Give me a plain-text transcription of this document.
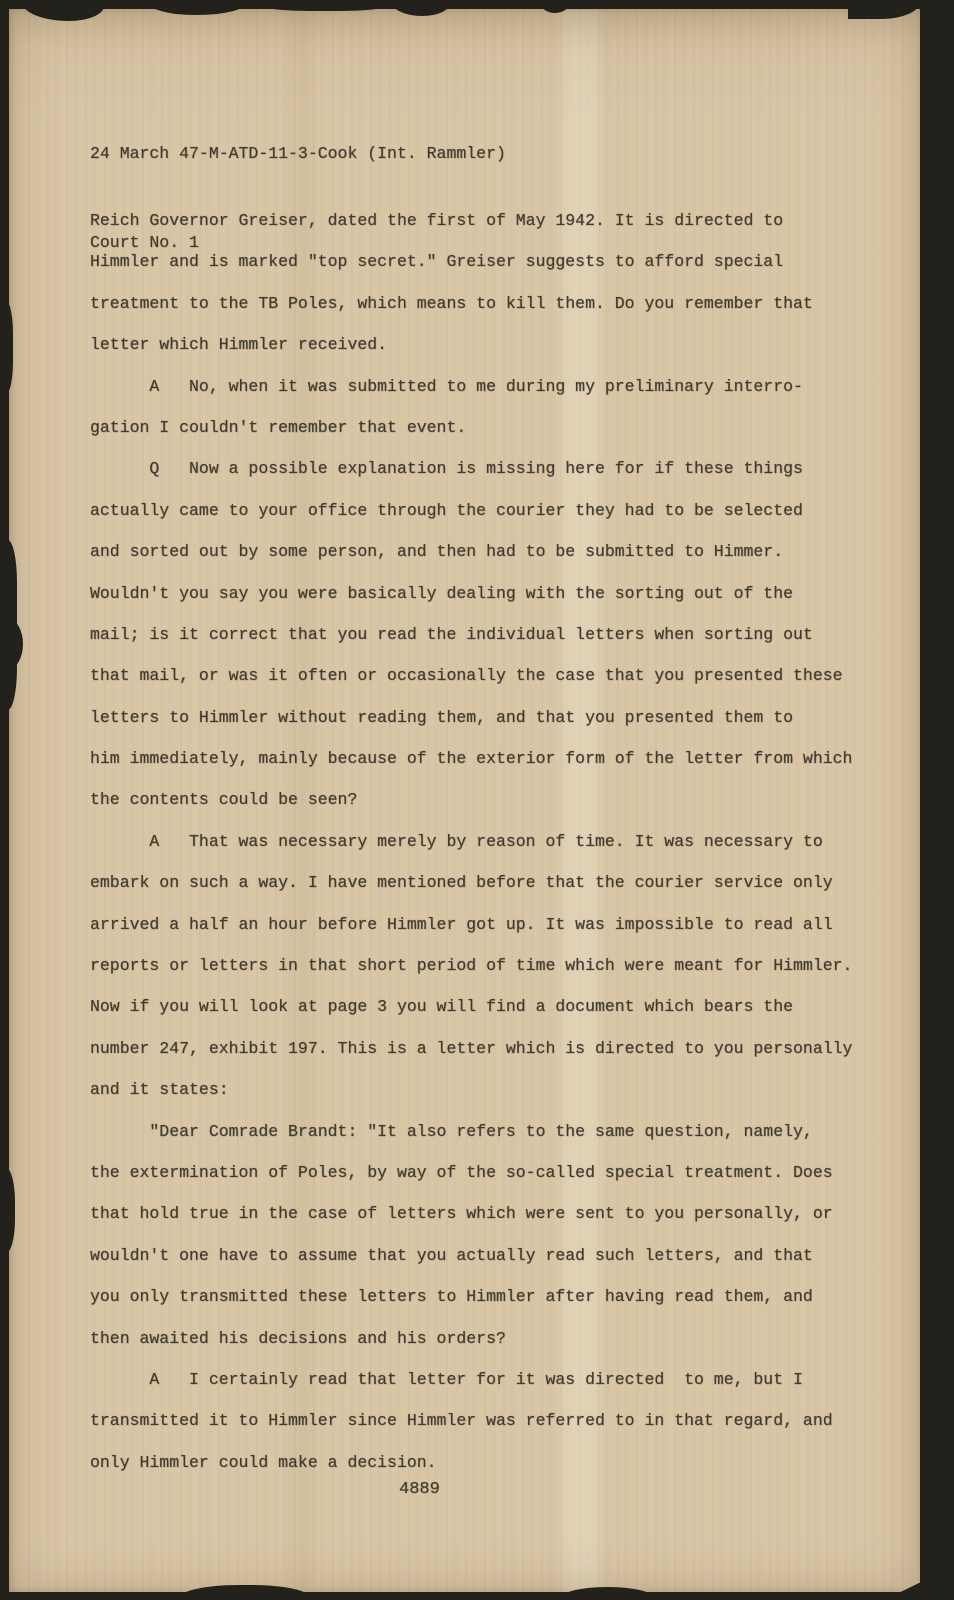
24 March 47-M-ATD-11-3-Cook (Int. Rammler)

Court No. 1

Reich Governor Greiser, dated the first of May 1942. It is directed to
Himmler and is marked "top secret." Greiser suggests to afford special
treatment to the TB Poles, which means to kill them. Do you remember that
letter which Himmler received.
A   No, when it was submitted to me during my preliminary interro-
gation I couldn't remember that event.
Q   Now a possible explanation is missing here for if these things
actually came to your office through the courier they had to be selected
and sorted out by some person, and then had to be submitted to Himmer.
Wouldn't you say you were basically dealing with the sorting out of the
mail; is it correct that you read the individual letters when sorting out
that mail, or was it often or occasionally the case that you presented these
letters to Himmler without reading them, and that you presented them to
him immediately, mainly because of the exterior form of the letter from which
the contents could be seen?
A   That was necessary merely by reason of time. It was necessary to
embark on such a way. I have mentioned before that the courier service only
arrived a half an hour before Himmler got up. It was impossible to read all
reports or letters in that short period of time which were meant for Himmler.
Now if you will look at page 3 you will find a document which bears the
number 247, exhibit 197. This is a letter which is directed to you personally
and it states:
"Dear Comrade Brandt: "It also refers to the same question, namely,
the extermination of Poles, by way of the so-called special treatment. Does
that hold true in the case of letters which were sent to you personally, or
wouldn't one have to assume that you actually read such letters, and that
you only transmitted these letters to Himmler after having read them, and
then awaited his decisions and his orders?
A   I certainly read that letter for it was directed  to me, but I
transmitted it to Himmler since Himmler was referred to in that regard, and
only Himmler could make a decision.
4889
